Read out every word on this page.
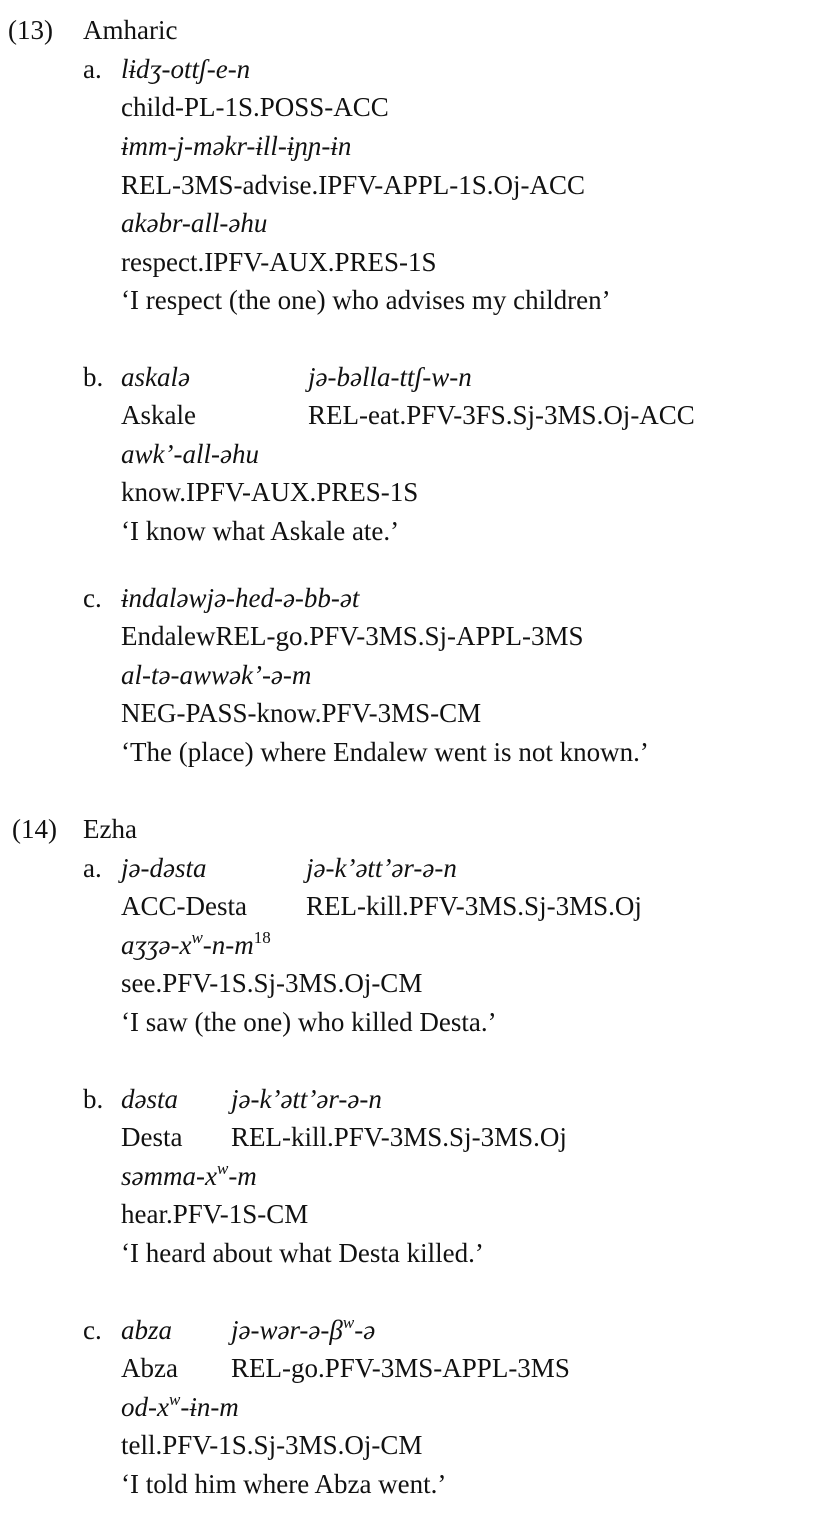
(13) Amharic
a. lɨdʒ-ottʃ-e-n
child-PL-1S.POSS-ACC
ɨmm-j-məkr-ɨll-ɨɲɲ-ɨn
REL-3MS-advise.IPFV-APPL-1S.Oj-ACC
akəbr-all-əhu
respect.IPFV-AUX.PRES-1S
‘I respect (the one) who advises my children’
b. askalə	jə-bəlla-ttʃ-w-n
Askale	REL-eat.PFV-3FS.Sj-3MS.Oj-ACC
awk’-all-əhu
know.IPFV-AUX.PRES-1S
‘I know what Askale ate.’
c. ɨndaləwjə-hed-ə-bb-ət
EndalewREL-go.PFV-3MS.Sj-APPL-3MS
al-tə-awwək’-ə-m
NEG-PASS-know.PFV-3MS-CM
‘The (place) where Endalew went is not known.’
(14) Ezha
a. jə-dəsta	jə-k’ətt’ər-ə-n
ACC-Desta REL-kill.PFV-3MS.Sj-3MS.Oj
aʒʒə-$x^w-n-m^{18}$
see.PFV-1S.Sj-3MS.Oj-CM
‘I saw (the one) who killed Desta.’
b. dəsta jə-k’ətt’ər-ə-n
Desta REL-kill.PFV-3MS.Sj-3MS.Oj
səmma-$x^w-m$
hear.PFV-1S-CM
‘I heard about what Desta killed.’
c. abza $jə-wər-ə-\beta^w-ə$
Abza REL-go.PFV-3MS-APPL-3MS
$od-x^w-ɨn-m$
tell.PFV-1S.Sj-3MS.Oj-CM
‘I told him where Abza went.’
